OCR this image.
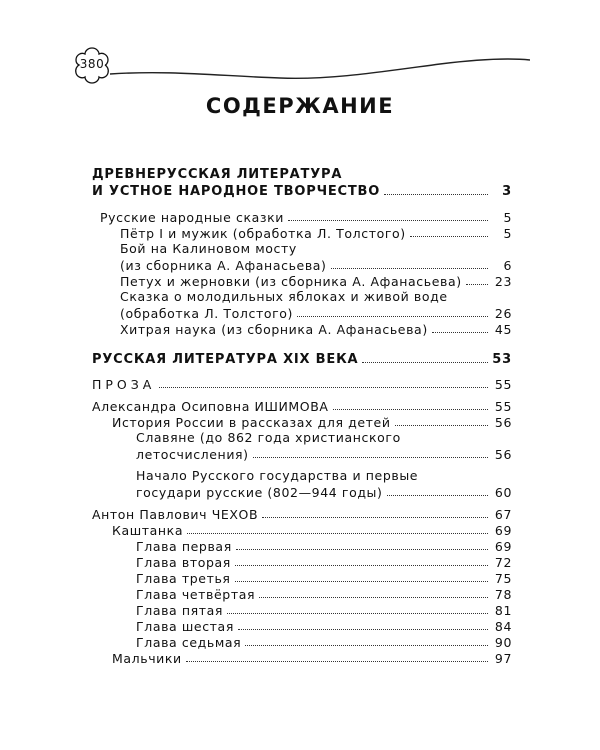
380
СОДЕРЖАНИЕ
ДРЕВНЕРУССКАЯ ЛИТЕРАТУРА
И УСТНОЕ НАРОДНОЕ ТВОРЧЕСТВО	3
Русские народные сказки	5
Пётр I и мужик (обработка Л. Толстого)	5
Бой на Калиновом мосту
(из сборника А. Афанасьева)	6
Петух и жерновки (из сборника А. Афанасьева)	23
Сказка о молодильных яблоках и живой воде
(обработка Л. Толстого)	26
Хитрая наука (из сборника А. Афанасьева)	45
РУССКАЯ ЛИТЕРАТУРА XIX ВЕКА	53
ПРОЗА	55
Александра Осиповна ИШИМОВА	55
История России в рассказах для детей	56
Славяне (до 862 года христианского
летосчисления)	56
Начало Русского государства и первые
государи русские (802—944 годы)	60
Антон Павлович ЧЕХОВ	67
Каштанка	69
Глава первая	69
Глава вторая	72
Глава третья	75
Глава четвёртая	78
Глава пятая	81
Глава шестая	84
Глава седьмая	90
Мальчики	97
